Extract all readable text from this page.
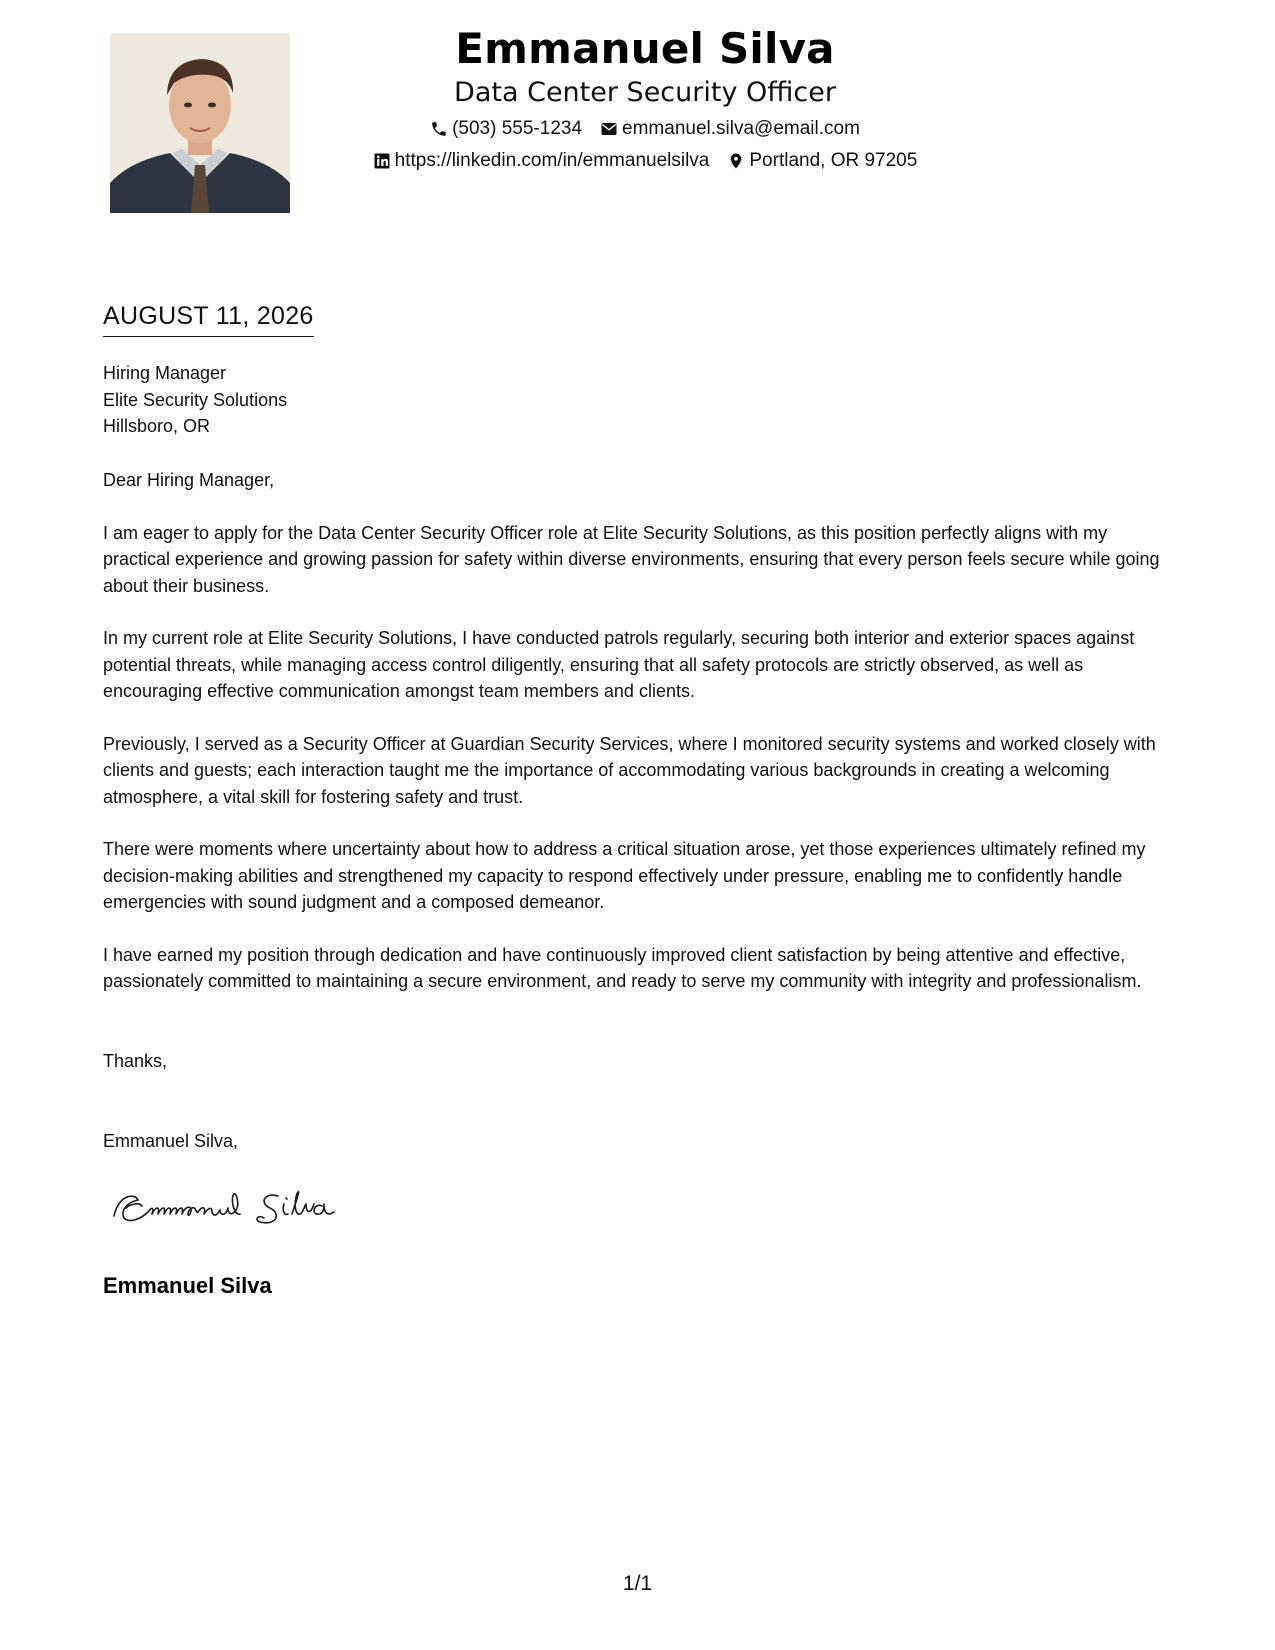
Emmanuel Silva
Data Center Security Officer
(503) 555-1234 emmanuel.silva@email.com
https://linkedin.com/in/emmanuelsilva Portland, OR 97205
AUGUST 11, 2026
Hiring Manager
Elite Security Solutions
Hillsboro, OR

Dear Hiring Manager,

I am eager to apply for the Data Center Security Officer role at Elite Security Solutions, as this position perfectly aligns with my practical experience and growing passion for safety within diverse environments, ensuring that every person feels secure while going about their business.

In my current role at Elite Security Solutions, I have conducted patrols regularly, securing both interior and exterior spaces against potential threats, while managing access control diligently, ensuring that all safety protocols are strictly observed, as well as encouraging effective communication amongst team members and clients.

Previously, I served as a Security Officer at Guardian Security Services, where I monitored security systems and worked closely with clients and guests; each interaction taught me the importance of accommodating various backgrounds in creating a welcoming atmosphere, a vital skill for fostering safety and trust.

There were moments where uncertainty about how to address a critical situation arose, yet those experiences ultimately refined my decision-making abilities and strengthened my capacity to respond effectively under pressure, enabling me to confidently handle emergencies with sound judgment and a composed demeanor.

I have earned my position through dedication and have continuously improved client satisfaction by being attentive and effective, passionately committed to maintaining a secure environment, and ready to serve my community with integrity and professionalism.

Thanks,
Emmanuel Silva,
Emmanuel Silva
1/1
